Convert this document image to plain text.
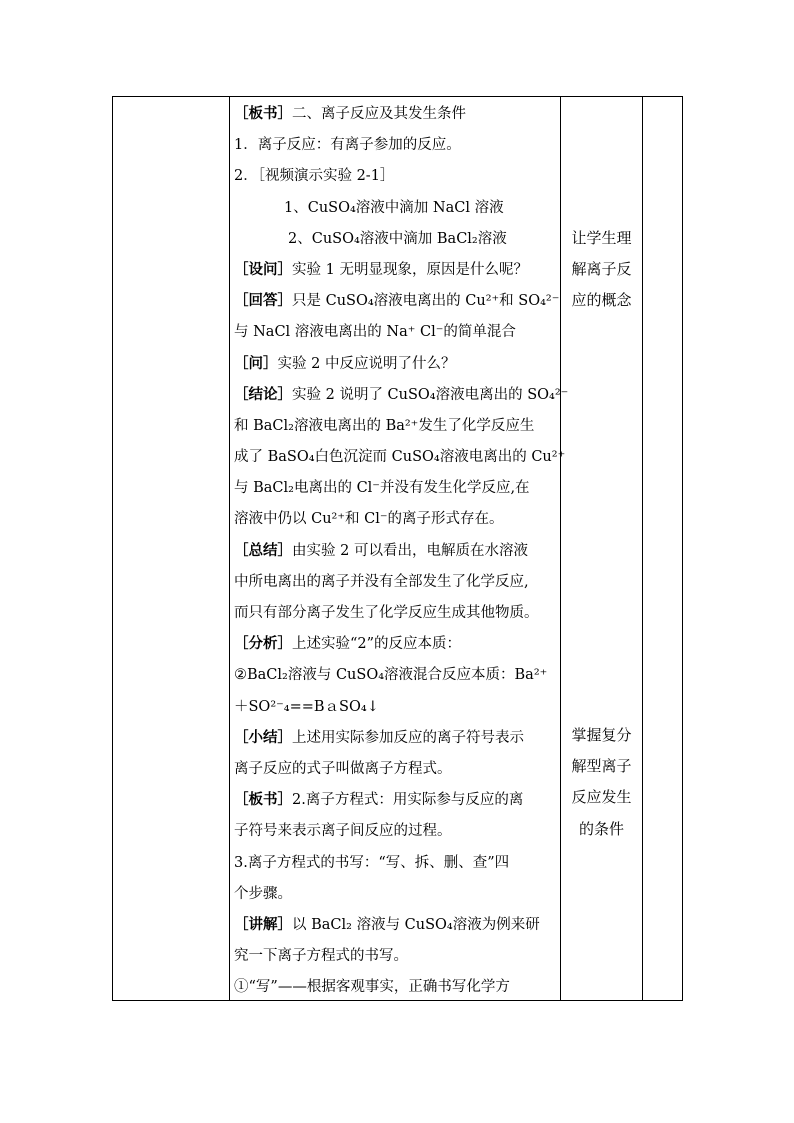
［板书］二、离子反应及其发生条件
1．离子反应：有离子参加的反应。
2．［视频演示实验 2-1］
1、CuSO₄溶液中滴加 NaCl 溶液
2、CuSO₄溶液中滴加 BaCl₂溶液
［设问］实验 1 无明显现象，原因是什么呢？
［回答］只是 CuSO₄溶液电离出的 Cu²⁺和 SO₄²⁻
与 NaCl 溶液电离出的 Na⁺ Cl⁻的简单混合
［问］实验 2 中反应说明了什么？
［结论］实验 2 说明了 CuSO₄溶液电离出的 SO₄²⁻
和 BaCl₂溶液电离出的 Ba²⁺发生了化学反应生
成了 BaSO₄白色沉淀而 CuSO₄溶液电离出的 Cu²⁺
与 BaCl₂电离出的 Cl⁻并没有发生化学反应,在
溶液中仍以 Cu²⁺和 Cl⁻的离子形式存在。
［总结］由实验 2 可以看出，电解质在水溶液
中所电离出的离子并没有全部发生了化学反应,
而只有部分离子发生了化学反应生成其他物质。
［分析］上述实验“2”的反应本质：
②BaCl₂溶液与 CuSO₄溶液混合反应本质：Ba²⁺
＋SO²⁻₄==BａSO₄↓
［小结］上述用实际参加反应的离子符号表示
离子反应的式子叫做离子方程式。
［板书］2.离子方程式：用实际参与反应的离
子符号来表示离子间反应的过程。
3.离子方程式的书写：“写、拆、删、查”四
个步骤。
［讲解］以 BaCl₂ 溶液与 CuSO₄溶液为例来研
究一下离子方程式的书写。
①“写”——根据客观事实，正确书写化学方
让学生理
解离子反
应的概念
掌握复分
解型离子
反应发生
的条件
